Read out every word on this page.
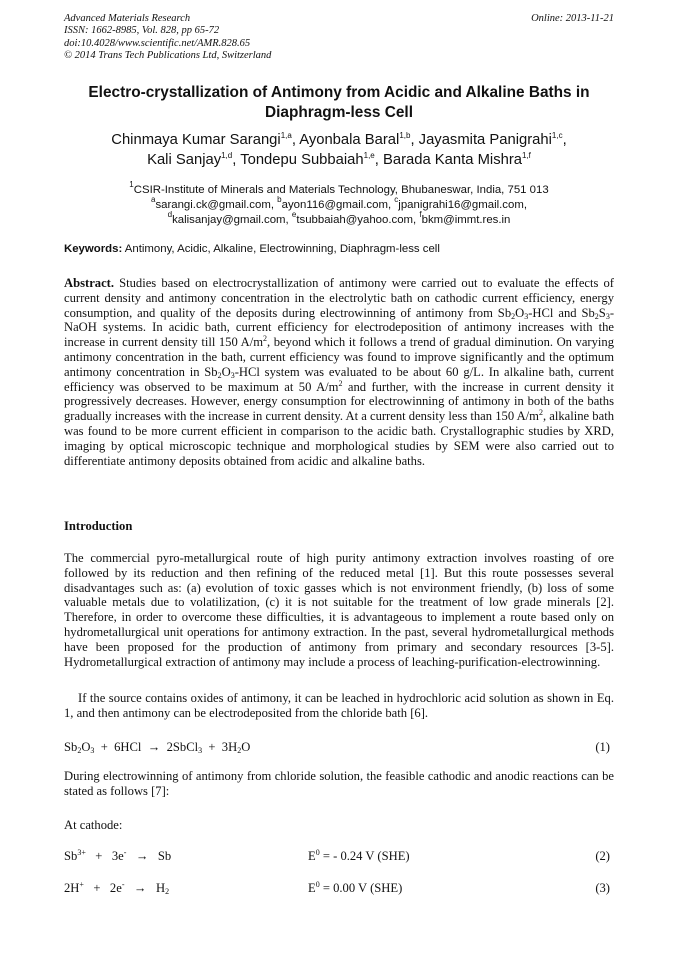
Advanced Materials Research
ISSN: 1662-8985, Vol. 828, pp 65-72
doi:10.4028/www.scientific.net/AMR.828.65
© 2014 Trans Tech Publications Ltd, Switzerland
Online: 2013-11-21
Electro-crystallization of Antimony from Acidic and Alkaline Baths in
Diaphragm-less Cell
Chinmaya Kumar Sarangi$^{1,a}$, Ayonbala Baral$^{1,b}$, Jayasmita Panigrahi$^{1,c}$,
Kali Sanjay$^{1,d}$, Tondepu Subbaiah$^{1,e}$, Barada Kanta Mishra$^{1,f}$
$^1$CSIR-Institute of Minerals and Materials Technology, Bhubaneswar, India, 751 013
$^a$sarangi.ck@gmail.com, $^b$ayon116@gmail.com, $^c$jpanigrahi16@gmail.com,
$^d$kalisanjay@gmail.com, $^e$tsubbaiah@yahoo.com, $^f$bkm@immt.res.in
Keywords: Antimony, Acidic, Alkaline, Electrowinning, Diaphragm-less cell
Abstract. Studies based on electrocrystallization of antimony were carried out to evaluate the effects of current density and antimony concentration in the electrolytic bath on cathodic current efficiency, energy consumption, and quality of the deposits during electrowinning of antimony from $Sb_2O_3$-HCl and $Sb_2S_3$-NaOH systems. In acidic bath, current efficiency for electrodeposition of antimony increases with the increase in current density till 150 $A/m^2$, beyond which it follows a trend of gradual diminution. On varying antimony concentration in the bath, current efficiency was found to improve significantly and the optimum antimony concentration in $Sb_2O_3$-HCl system was evaluated to be about 60 g/L. In alkaline bath, current efficiency was observed to be maximum at 50 $A/m^2$ and further, with the increase in current density it progressively decreases. However, energy consumption for electrowinning of antimony in both of the baths gradually increases with the increase in current density. At a current density less than 150 $A/m^2$, alkaline bath was found to be more current efficient in comparison to the acidic bath. Crystallographic studies by XRD, imaging by optical microscopic technique and morphological studies by SEM were also carried out to differentiate antimony deposits obtained from acidic and alkaline baths.
Introduction
The commercial pyro-metallurgical route of high purity antimony extraction involves roasting of ore followed by its reduction and then refining of the reduced metal [1]. But this route possesses several disadvantages such as: (a) evolution of toxic gasses which is not environment friendly, (b) loss of some valuable metals due to volatilization, (c) it is not suitable for the treatment of low grade minerals [2]. Therefore, in order to overcome these difficulties, it is advantageous to implement a route based only on hydrometallurgical unit operations for antimony extraction. In the past, several hydrometallurgical methods have been proposed for the production of antimony from primary and secondary resources [3-5]. Hydrometallurgical extraction of antimony may include a process of leaching-purification-electrowinning.
If the source contains oxides of antimony, it can be leached in hydrochloric acid solution as shown in Eq. 1, and then antimony can be electrodeposited from the chloride bath [6].
$Sb_2O_3 + 6HCl$  →  2SbCl$_3$  +  $3H_2O$	(1)
During electrowinning of antimony from chloride solution, the feasible cathodic and anodic reactions can be stated as follows [7]:
At cathode:
$Sb^{3+} + 3e^- \to Sb$	$E^0$ = - 0.24 V (SHE)	(2)
$2H^+ + 2e^- \to H_2$	$E^0 = 0.00$ V (SHE)	(3)
